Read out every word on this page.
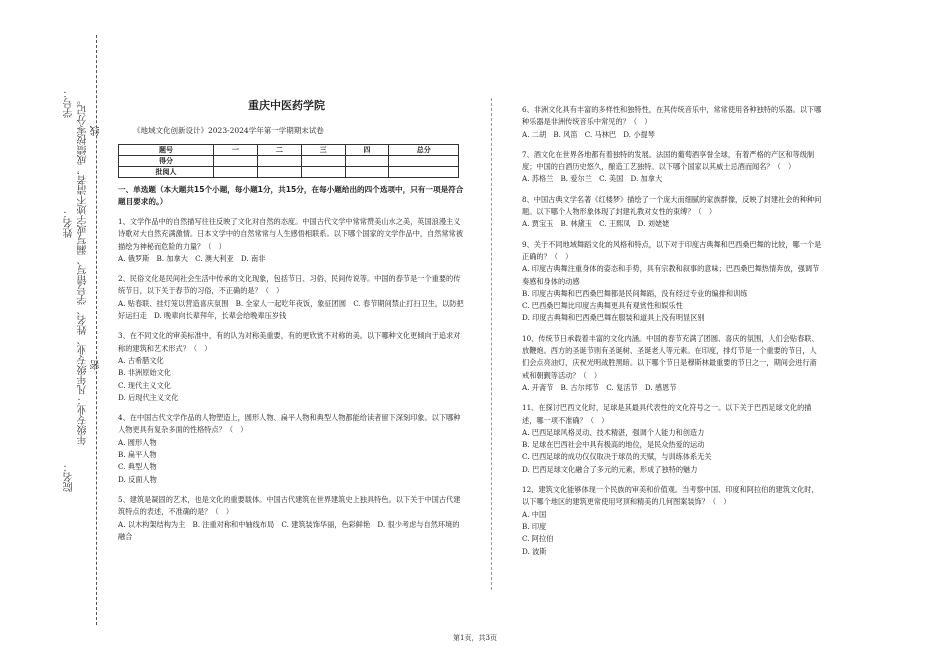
学号：
线
姓名： 年级专业：凡年级专业、姓名、学号错写、漏写或字迹不清者，成绩按零分记。 密
院名：
重庆中医药学院
《地域文化创新设计》2023-2024学年第一学期期末试卷
题号	一	二	三	四	总分
得分					
批阅人					

一、单选题（本大题共15个小题，每小题1分，共15分，在每小题给出的四个选项中，只有一项是符合题目要求的。）

1、文学作品中的自然描写往往反映了文化对自然的态度。中国古代文学中常常赞美山水之美，英国浪漫主义诗歌对大自然充满激情。日本文学中的自然常常与人生感悟相联系。以下哪个国家的文学作品中，自然常常被描绘为神秘而危险的力量？（　）

A. 俄罗斯　B. 加拿大　C. 澳大利亚　D. 南非

2、民俗文化是民间社会生活中传承的文化现象，包括节日、习俗、民间传说等。中国的春节是一个重要的传统节日，以下关于春节的习俗，不正确的是？（　）

A. 贴春联、挂灯笼以营造喜庆氛围　B. 全家人一起吃年夜饭，象征团圆　C. 春节期间禁止打扫卫生，以防把好运扫走　D. 晚辈向长辈拜年，长辈会给晚辈压岁钱

3、在不同文化的审美标准中，有的认为对称美重要，有的更欣赏不对称的美。以下哪种文化更倾向于追求对称的建筑和艺术形式？（　）

A. 古希腊文化

B. 非洲原始文化

C. 现代主义文化

D. 后现代主义文化

4、在中国古代文学作品的人物塑造上，圆形人物、扁平人物和典型人物都能给读者留下深刻印象。以下哪种人物更具有复杂多面的性格特点？（　）

A. 圆形人物

B. 扁平人物

C. 典型人物

D. 反面人物

5、建筑是凝固的艺术，也是文化的重要载体。中国古代建筑在世界建筑史上独具特色。以下关于中国古代建筑特点的表述，不准确的是？（　）

A. 以木构架结构为主　B. 注重对称和中轴线布局　C. 建筑装饰华丽，色彩鲜艳　D. 很少考虑与自然环境的融合

6、非洲文化具有丰富的多样性和独特性，在其传统音乐中，常常使用各种独特的乐器。以下哪种乐器是非洲传统音乐中常见的？（　）

A. 二胡　B. 风笛　C. 马林巴　D. 小提琴

7、酒文化在世界各地都有着独特的发展。法国的葡萄酒享誉全球，有着严格的产区和等级制度；中国的白酒历史悠久，酿造工艺独特。以下哪个国家以其威士忌酒而闻名？（　）

A. 苏格兰　B. 爱尔兰　C. 美国　D. 加拿大

8、中国古典文学名著《红楼梦》描绘了一个庞大而细腻的家族群像，反映了封建社会的种种问题。以下哪个人物形象体现了封建礼教对女性的束缚？（　）

A. 贾宝玉　B. 林黛玉　C. 王熙凤　D. 刘姥姥

9、关于不同地域舞蹈文化的风格和特点，以下对于印度古典舞和巴西桑巴舞的比较，哪一个是正确的？（　）

A. 印度古典舞注重身体的姿态和手势，具有宗教和叙事的意味；巴西桑巴舞热情奔放，强调节奏感和身体的动感

B. 印度古典舞和巴西桑巴舞都是民间舞蹈，没有经过专业的编排和训练

C. 巴西桑巴舞比印度古典舞更具有观赏性和娱乐性

D. 印度古典舞和巴西桑巴舞在服装和道具上没有明显区别

10、传统节日承载着丰富的文化内涵。中国的春节充满了团圆、喜庆的氛围，人们会贴春联、放鞭炮。西方的圣诞节则有圣诞树、圣诞老人等元素。在印度，排灯节是一个重要的节日，人们会点亮油灯，庆祝光明战胜黑暗。以下哪个节日是穆斯林最重要的节日之一，期间会进行斋戒和朝觐等活动？（　）

A. 开斋节　B. 古尔邦节　C. 复活节　D. 感恩节

11、在探讨巴西文化时，足球是其最具代表性的文化符号之一。以下关于巴西足球文化的描述，哪一项不准确？（　）

A. 巴西足球风格灵动、技术精湛，强调个人能力和创造力

B. 足球在巴西社会中具有极高的地位，是民众热爱的运动

C. 巴西足球的成功仅仅取决于球员的天赋，与训练体系无关

D. 巴西足球文化融合了多元的元素，形成了独特的魅力

12、建筑文化能够体现一个民族的审美和价值观。当考察中国、印度和阿拉伯的建筑文化时，以下哪个地区的建筑更常使用穹顶和精美的几何图案装饰？（　）

A. 中国

B. 印度

C. 阿拉伯

D. 波斯

第1页，共3页
